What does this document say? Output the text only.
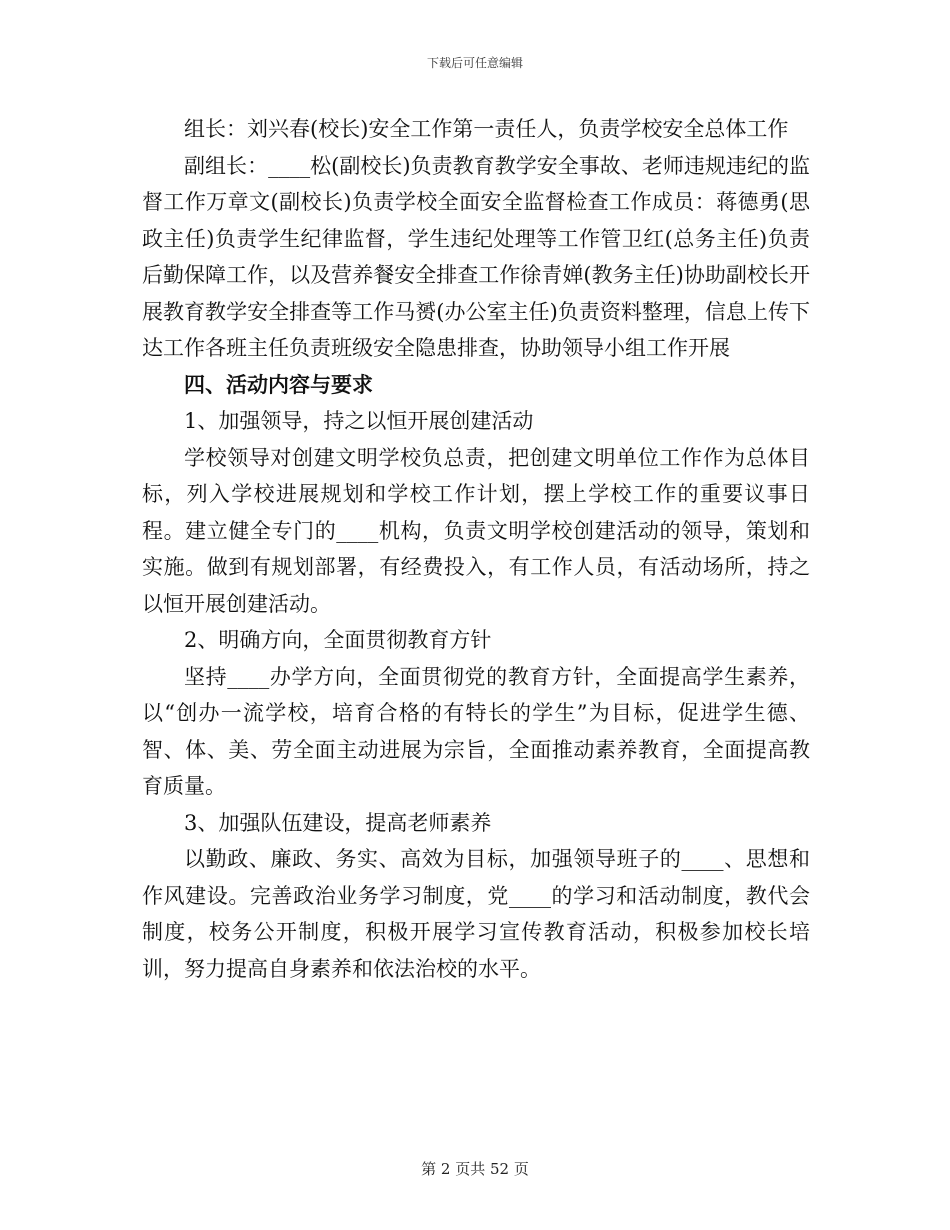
下载后可任意编辑

组长：刘兴春(校长)安全工作第一责任人，负责学校安全总体工作

副组长：____松(副校长)负责教育教学安全事故、老师违规违纪的监督工作万章文(副校长)负责学校全面安全监督检查工作成员：蒋德勇(思政主任)负责学生纪律监督，学生违纪处理等工作管卫红(总务主任)负责后勤保障工作，以及营养餐安全排查工作徐青婵(教务主任)协助副校长开展教育教学安全排查等工作马赟(办公室主任)负责资料整理，信息上传下达工作各班主任负责班级安全隐患排查，协助领导小组工作开展

四、活动内容与要求

1、加强领导，持之以恒开展创建活动

学校领导对创建文明学校负总责，把创建文明单位工作作为总体目标，列入学校进展规划和学校工作计划，摆上学校工作的重要议事日程。建立健全专门的____机构，负责文明学校创建活动的领导，策划和实施。做到有规划部署，有经费投入，有工作人员，有活动场所，持之以恒开展创建活动。

2、明确方向，全面贯彻教育方针

坚持____办学方向，全面贯彻党的教育方针，全面提高学生素养，以“创办一流学校，培育合格的有特长的学生”为目标，促进学生德、智、体、美、劳全面主动进展为宗旨，全面推动素养教育，全面提高教育质量。

3、加强队伍建设，提高老师素养

以勤政、廉政、务实、高效为目标，加强领导班子的____、思想和作风建设。完善政治业务学习制度，党____的学习和活动制度，教代会制度，校务公开制度，积极开展学习宣传教育活动，积极参加校长培训，努力提高自身素养和依法治校的水平。

第 2 页共 52 页
